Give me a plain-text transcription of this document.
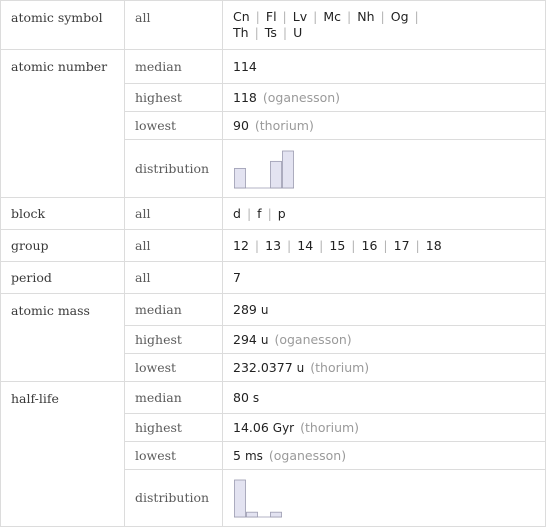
atomic symbol	all	Cn | Fl | Lv | Mc | Nh | Og |
Th | Ts | U
atomic number	median	114
	highest	118 (oganesson)
	lowest	90 (thorium)
	distribution	

block	all	d | f | p
group	all	12 | 13 | 14 | 15 | 16 | 17 | 18
period	all	7
atomic mass	median	289 u
	highest	294 u (oganesson)
	lowest	232.0377 u (thorium)
half-life	median	80 s
	highest	14.06 Gyr (thorium)
	lowest	5 ms (oganesson)
	distribution	
